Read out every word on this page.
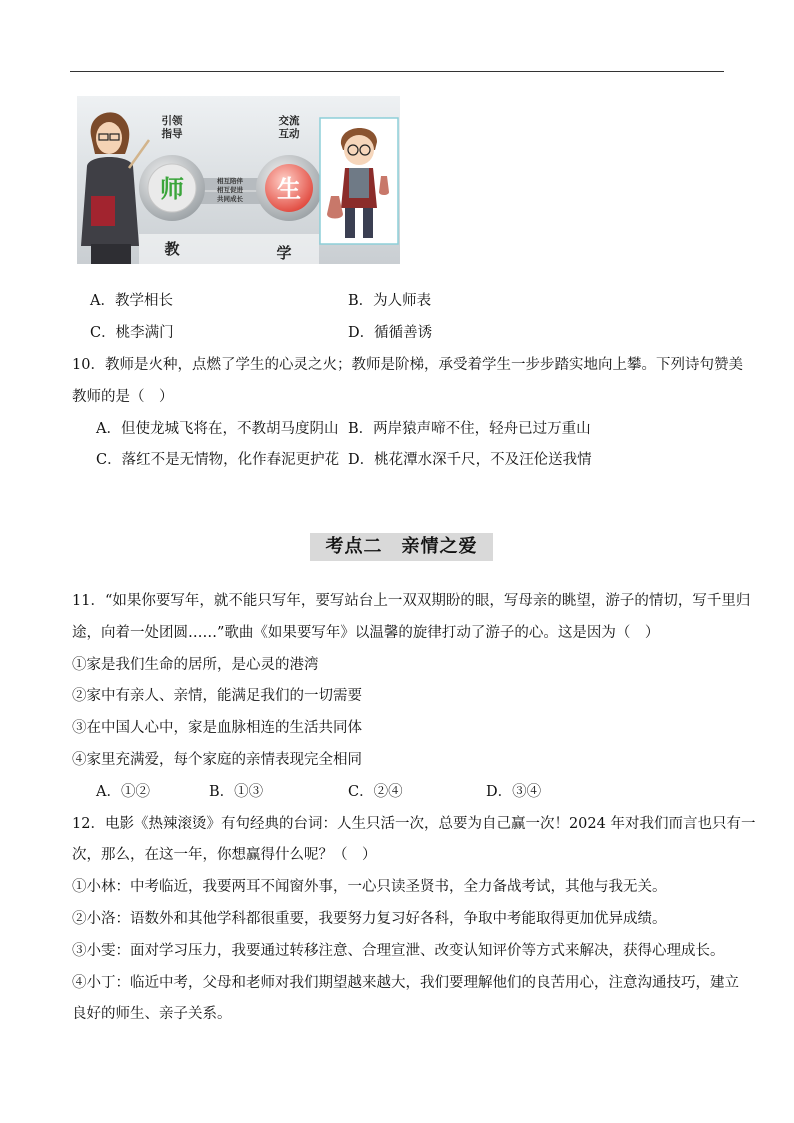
引领
指导
交流
互动
师	生
相互陪伴
相互促进
共同成长
教	学
A．教学相长	B．为人师表
C．桃李满门	D．循循善诱
10．教师是火种，点燃了学生的心灵之火；教师是阶梯，承受着学生一步步踏实地向上攀。下列诗句赞美
教师的是（　）
A．但使龙城飞将在，不教胡马度阴山 B．两岸猿声啼不住，轻舟已过万重山
C．落红不是无情物，化作春泥更护花 D．桃花潭水深千尺，不及汪伦送我情
考点二　亲情之爱
11．“如果你要写年，就不能只写年，要写站台上一双双期盼的眼，写母亲的眺望，游子的情切，写千里归
途，向着一处团圆……”歌曲《如果要写年》以温馨的旋律打动了游子的心。这是因为（　）
①家是我们生命的居所，是心灵的港湾
②家中有亲人、亲情，能满足我们的一切需要
③在中国人心中，家是血脉相连的生活共同体
④家里充满爱，每个家庭的亲情表现完全相同
A．①②	B．①③	C．②④	D．③④
12．电影《热辣滚烫》有句经典的台词：人生只活一次，总要为自己赢一次！2024 年对我们而言也只有一
次，那么，在这一年，你想赢得什么呢？（　）
①小林：中考临近，我要两耳不闻窗外事，一心只读圣贤书，全力备战考试，其他与我无关。
②小洛：语数外和其他学科都很重要，我要努力复习好各科，争取中考能取得更加优异成绩。
③小雯：面对学习压力，我要通过转移注意、合理宣泄、改变认知评价等方式来解决，获得心理成长。
④小丁：临近中考，父母和老师对我们期望越来越大，我们要理解他们的良苦用心，注意沟通技巧，建立
良好的师生、亲子关系。
